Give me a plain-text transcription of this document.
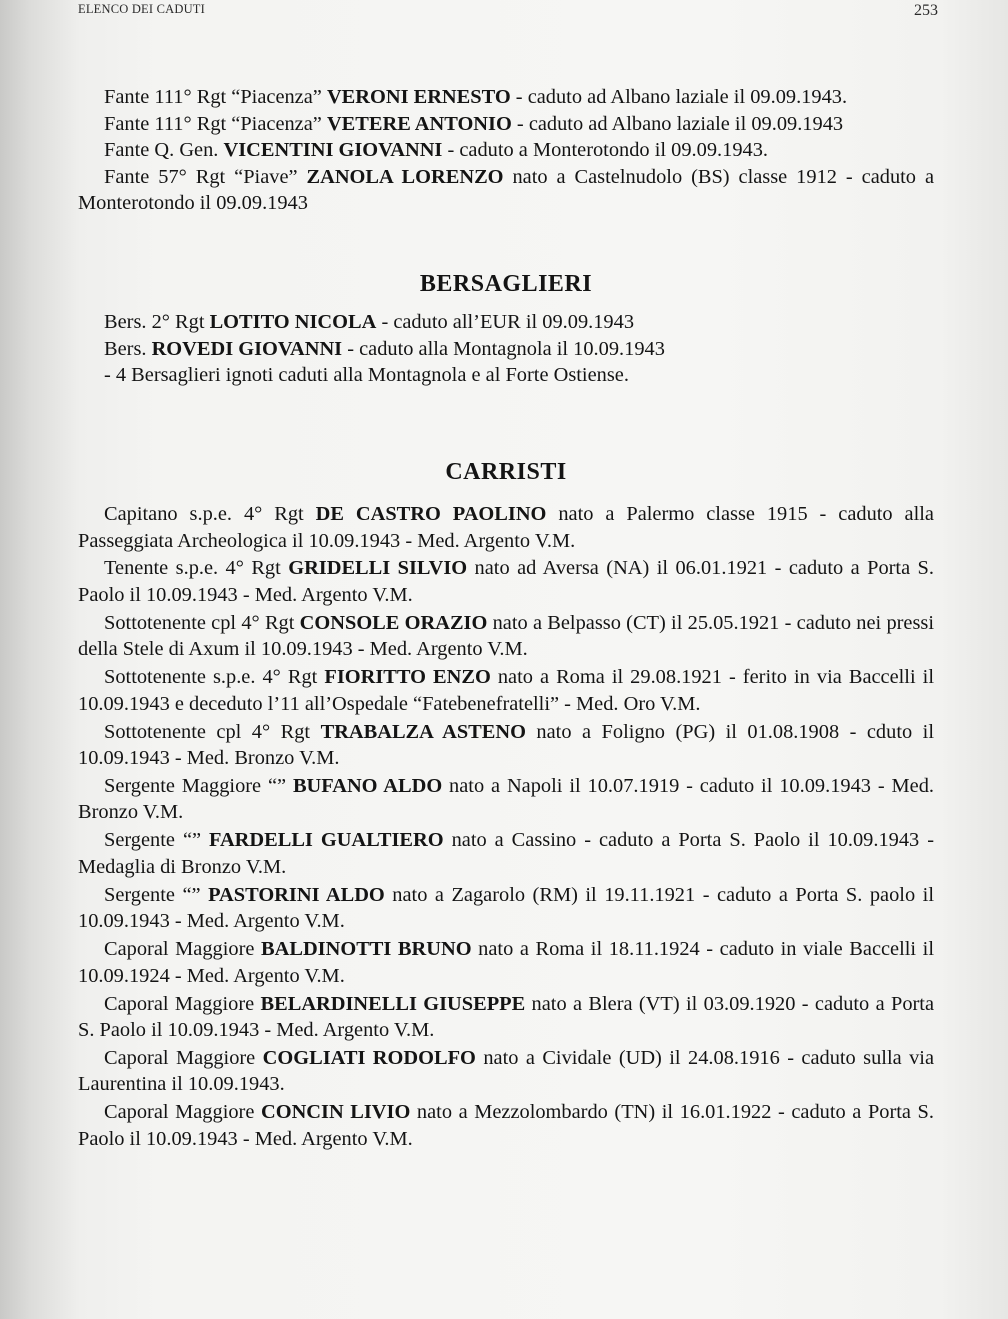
ELENCO DEI CADUTI	253

Fante 111° Rgt “Piacenza” VERONI ERNESTO - caduto ad Albano laziale il 09.09.1943.

Fante 111° Rgt “Piacenza” VETERE ANTONIO - caduto ad Albano laziale il 09.09.1943

Fante Q. Gen. VICENTINI GIOVANNI - caduto a Monterotondo il 09.09.1943.

Fante 57° Rgt “Piave” ZANOLA LORENZO nato a Castelnudolo (BS) classe 1912 - caduto a Monterotondo il 09.09.1943

BERSAGLIERI

Bers. 2° Rgt LOTITO NICOLA - caduto all’EUR il 09.09.1943

Bers. ROVEDI GIOVANNI - caduto alla Montagnola il 10.09.1943

- 4 Bersaglieri ignoti caduti alla Montagnola e al Forte Ostiense.

CARRISTI

Capitano s.p.e. 4° Rgt DE CASTRO PAOLINO nato a Palermo classe 1915 - caduto alla Passeggiata Archeologica il 10.09.1943 - Med. Argento V.M.

Tenente s.p.e. 4° Rgt GRIDELLI SILVIO nato ad Aversa (NA) il 06.01.1921 - caduto a Porta S. Paolo il 10.09.1943 - Med. Argento V.M.

Sottotenente cpl 4° Rgt CONSOLE ORAZIO nato a Belpasso (CT) il 25.05.1921 - caduto nei pressi della Stele di Axum il 10.09.1943 - Med. Argento V.M.

Sottotenente s.p.e. 4° Rgt FIORITTO ENZO nato a Roma il 29.08.1921 - ferito in via Baccelli il 10.09.1943 e deceduto l’11 all’Ospedale “Fatebenefratelli” - Med. Oro V.M.

Sottotenente cpl 4° Rgt TRABALZA ASTENO nato a Foligno (PG) il 01.08.1908 - cduto il 10.09.1943 - Med. Bronzo V.M.

Sergente Maggiore “” BUFANO ALDO nato a Napoli il 10.07.1919 - caduto il 10.09.1943 - Med. Bronzo V.M.

Sergente “” FARDELLI GUALTIERO nato a Cassino - caduto a Porta S. Paolo il 10.09.1943 - Medaglia di Bronzo V.M.

Sergente “” PASTORINI ALDO nato a Zagarolo (RM) il 19.11.1921 - caduto a Porta S. paolo il 10.09.1943 - Med. Argento V.M.

Caporal Maggiore BALDINOTTI BRUNO nato a Roma il 18.11.1924 - caduto in viale Baccelli il 10.09.1924 - Med. Argento V.M.

Caporal Maggiore BELARDINELLI GIUSEPPE nato a Blera (VT) il 03.09.1920 - caduto a Porta S. Paolo il 10.09.1943 - Med. Argento V.M.

Caporal Maggiore COGLIATI RODOLFO nato a Cividale (UD) il 24.08.1916 - caduto sulla via Laurentina il 10.09.1943.

Caporal Maggiore CONCIN LIVIO nato a Mezzolombardo (TN) il 16.01.1922 - caduto a Porta S. Paolo il 10.09.1943 - Med. Argento V.M.
